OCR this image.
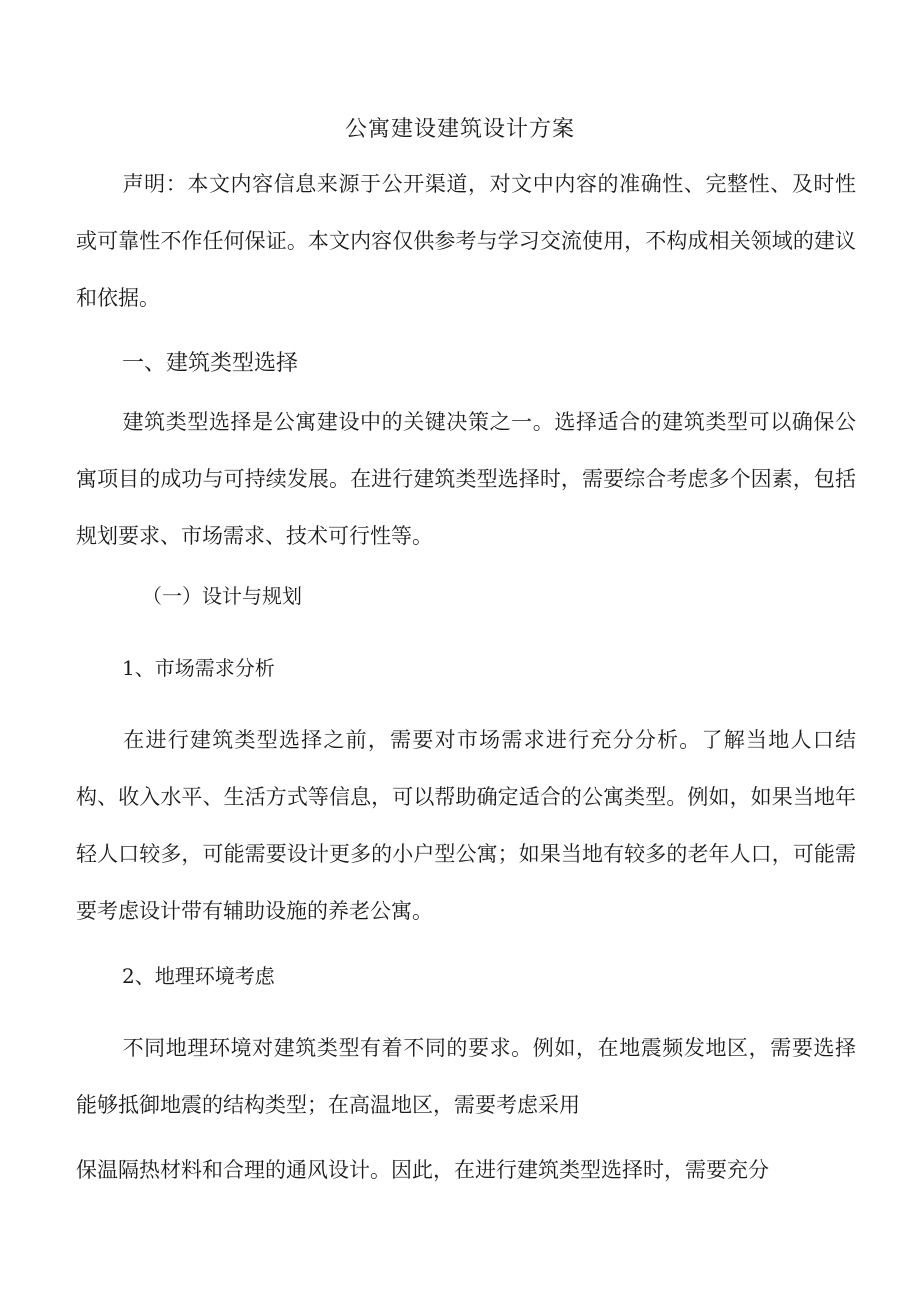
公寓建设建筑设计方案

声明：本文内容信息来源于公开渠道，对文中内容的准确性、完整性、及时性或可靠性不作任何保证。本文内容仅供参考与学习交流使用，不构成相关领域的建议和依据。

一、建筑类型选择

建筑类型选择是公寓建设中的关键决策之一。选择适合的建筑类型可以确保公寓项目的成功与可持续发展。在进行建筑类型选择时，需要综合考虑多个因素，包括规划要求、市场需求、技术可行性等。

（一）设计与规划

1、市场需求分析

在进行建筑类型选择之前，需要对市场需求进行充分分析。了解当地人口结构、收入水平、生活方式等信息，可以帮助确定适合的公寓类型。例如，如果当地年轻人口较多，可能需要设计更多的小户型公寓；如果当地有较多的老年人口，可能需要考虑设计带有辅助设施的养老公寓。

2、地理环境考虑

不同地理环境对建筑类型有着不同的要求。例如，在地震频发地区，需要选择能够抵御地震的结构类型；在高温地区，需要考虑采用

保温隔热材料和合理的通风设计。因此，在进行建筑类型选择时，需要充分
